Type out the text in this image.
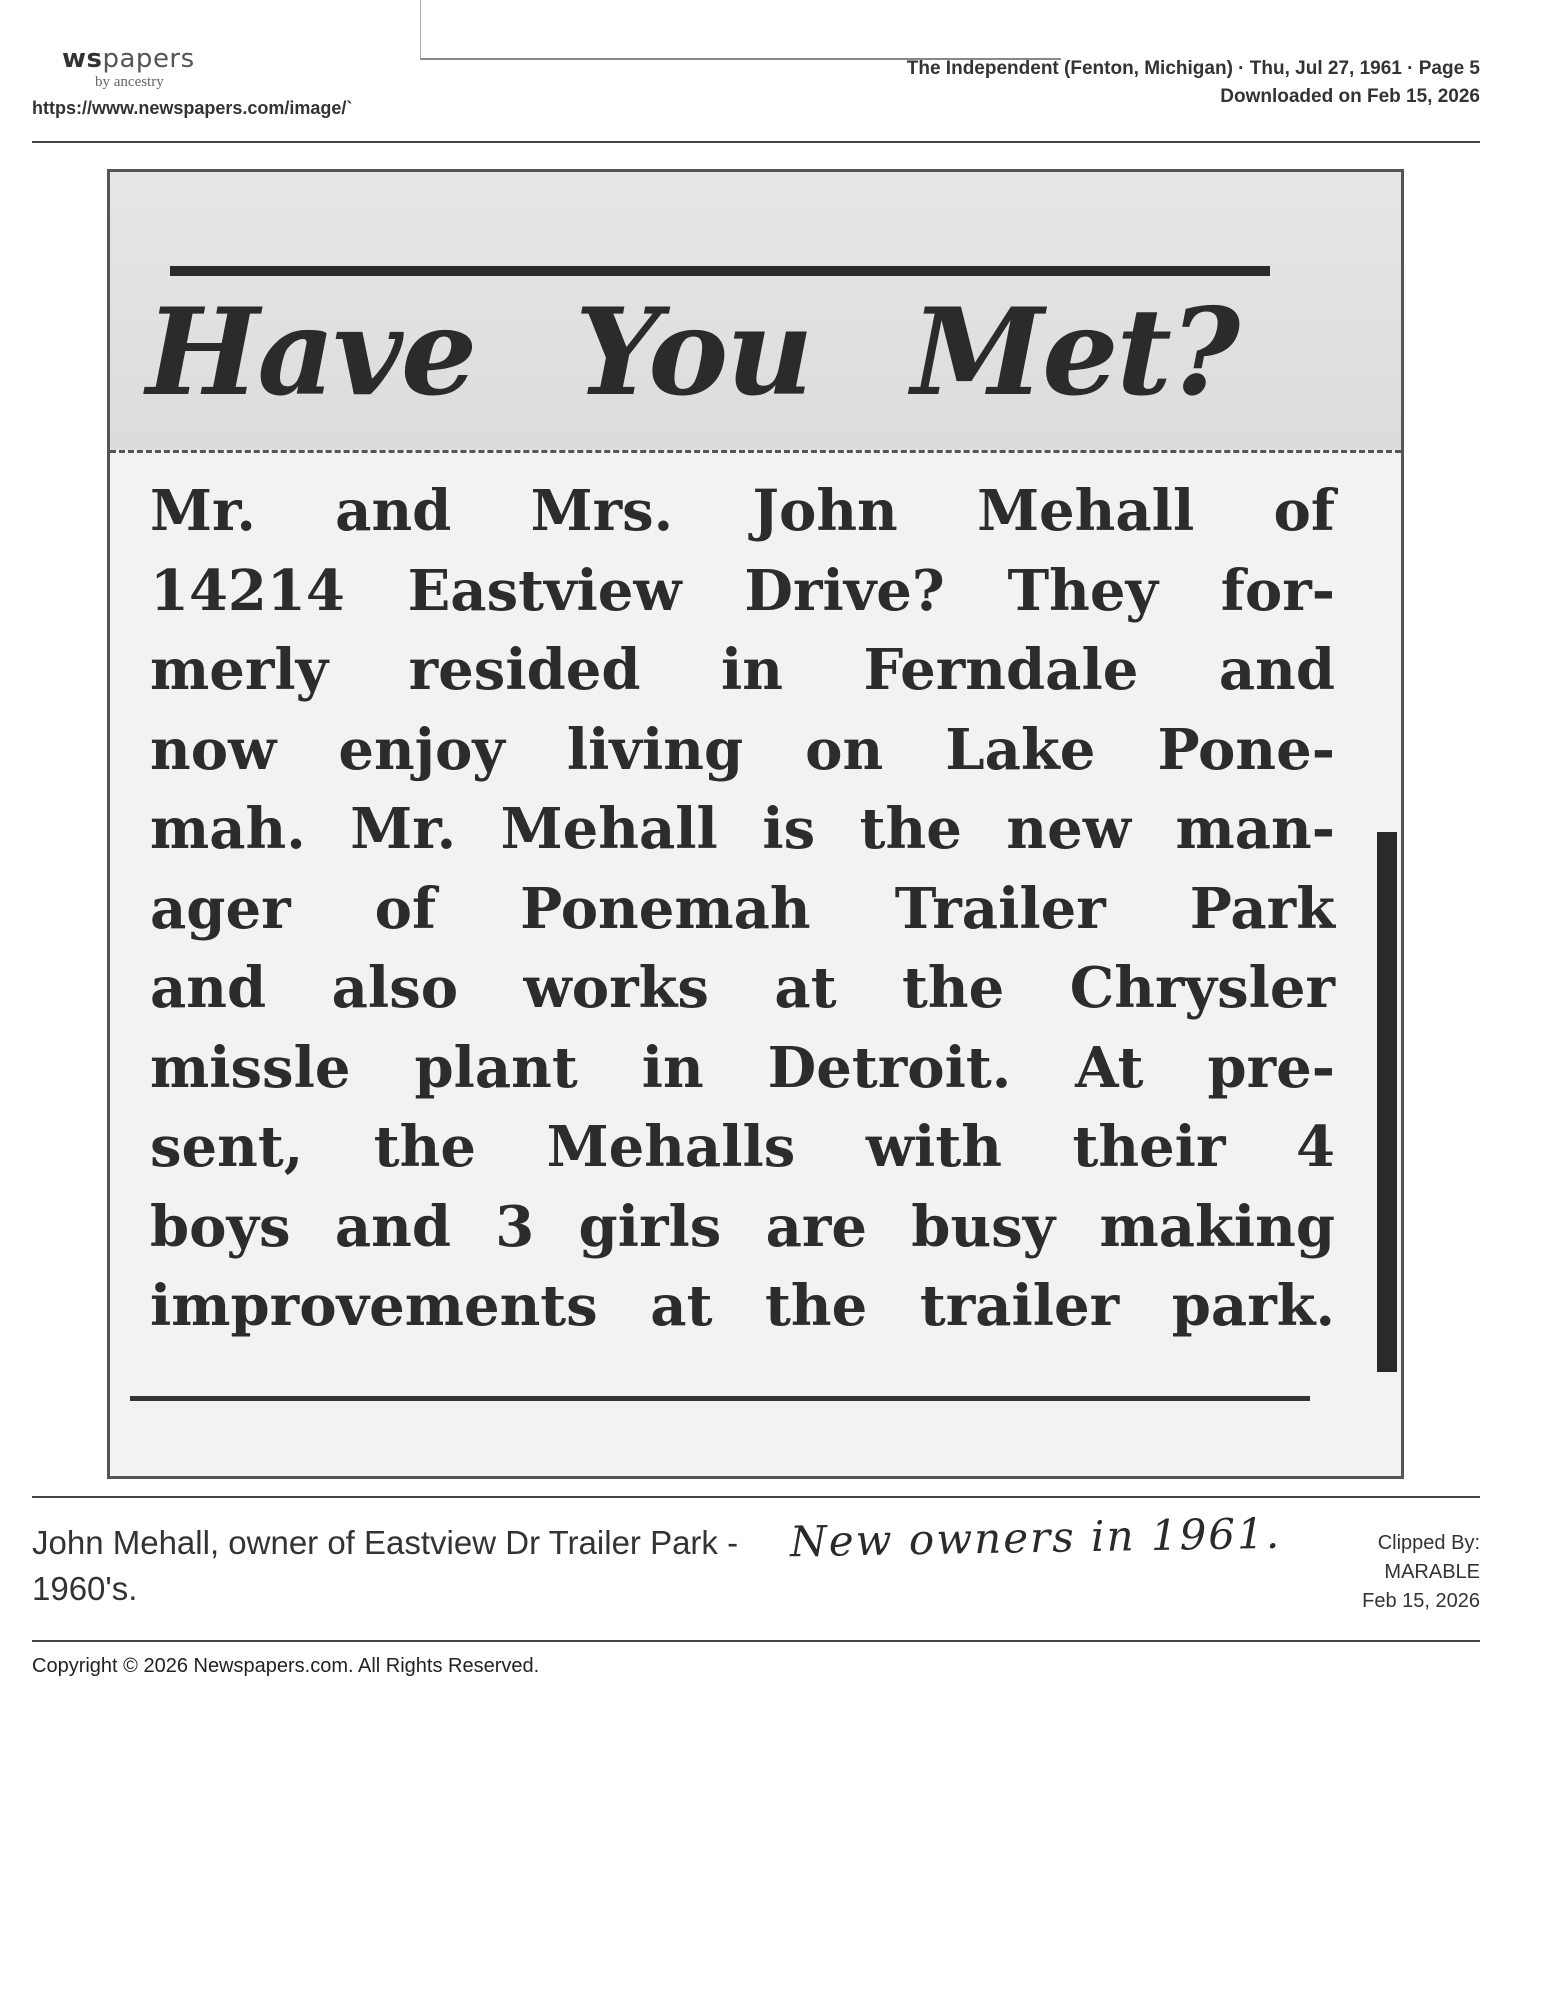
wspapers
by ancestry
https://www.newspapers.com/image/`
The Independent (Fenton, Michigan) · Thu, Jul 27, 1961 · Page 5
Downloaded on Feb 15, 2026
Have You Met?
Mr. and Mrs. John Mehall of
14214 Eastview Drive? They for-
merly resided in Ferndale and
now enjoy living on Lake Pone-
mah. Mr. Mehall is the new man-
ager of Ponemah Trailer Park
and also works at the Chrysler
missle plant in Detroit. At pre-
sent, the Mehalls with their 4
boys and 3 girls are busy making
improvements at the trailer park.

John Mehall, owner of Eastview Dr Trailer Park - 1960's.

New owners in 1961.	Clipped By:
MARABLE
Feb 15, 2026
Copyright © 2026 Newspapers.com. All Rights Reserved.
